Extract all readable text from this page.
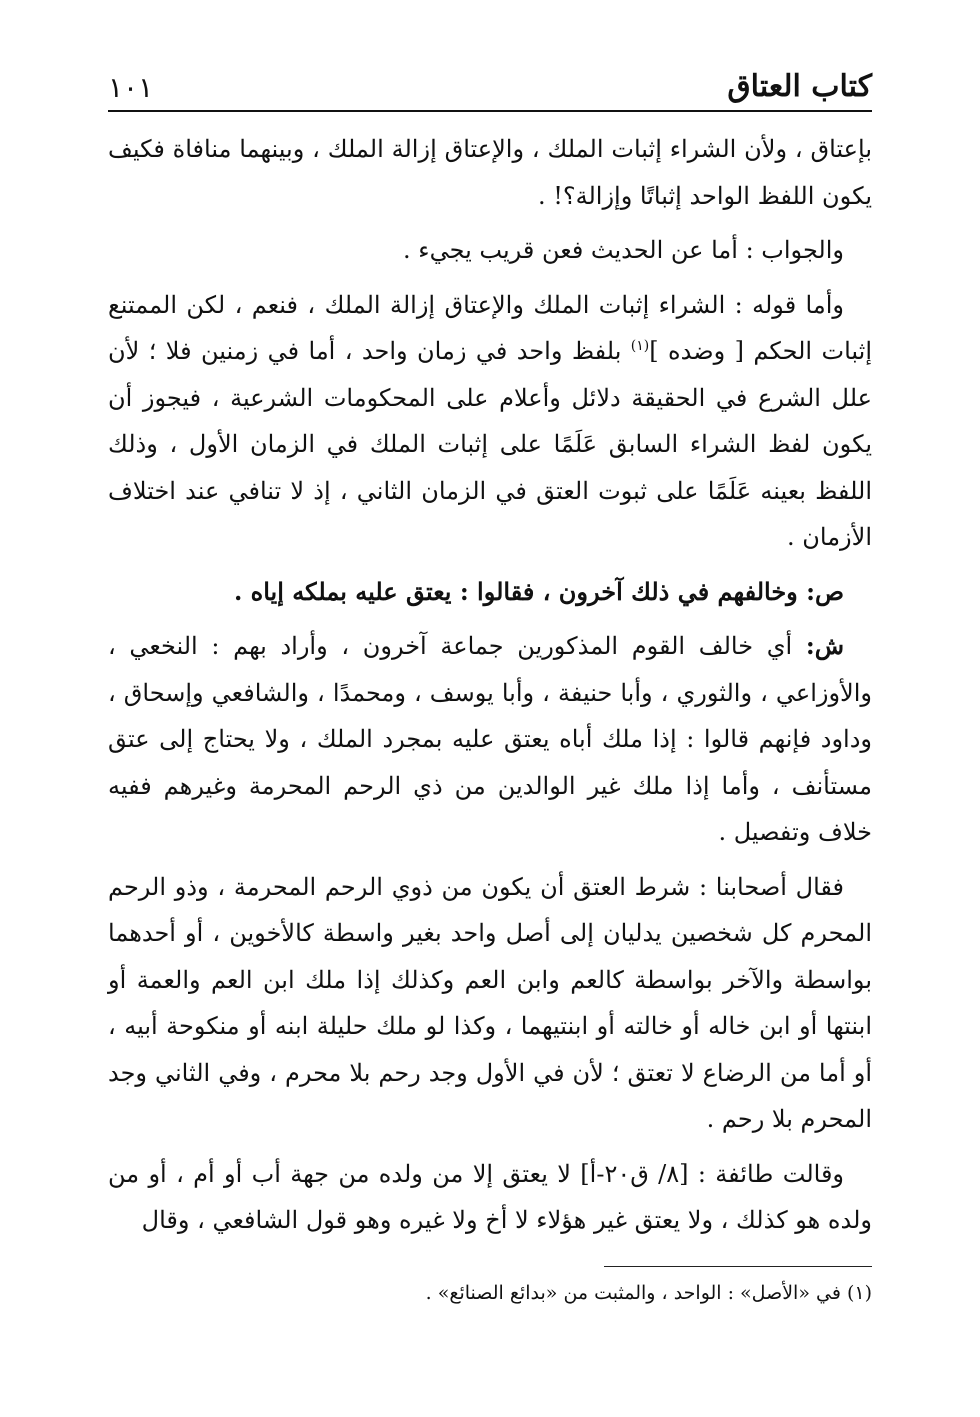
كتاب العتاق
١٠١

بإعتاق ، ولأن الشراء إثبات الملك ، والإعتاق إزالة الملك ، وبينهما منافاة فكيف يكون اللفظ الواحد إثباتًا وإزالة؟! .

والجواب : أما عن الحديث فعن قريب يجيء .

وأما قوله : الشراء إثبات الملك والإعتاق إزالة الملك ، فنعم ، لكن الممتنع إثبات الحكم [ وضده ]$^{(١)}$ بلفظ واحد في زمان واحد ، أما في زمنين فلا ؛ لأن علل الشرع في الحقيقة دلائل وأعلام على المحكومات الشرعية ، فيجوز أن يكون لفظ الشراء السابق عَلَمًا على إثبات الملك في الزمان الأول ، وذلك اللفظ بعينه عَلَمًا على ثبوت العتق في الزمان الثاني ، إذ لا تنافي عند اختلاف الأزمان .

ص: وخالفهم في ذلك آخرون ، فقالوا : يعتق عليه بملكه إياه .

ش: أي خالف القوم المذكورين جماعة آخرون ، وأراد بهم : النخعي ، والأوزاعي ، والثوري ، وأبا حنيفة ، وأبا يوسف ، ومحمدًا ، والشافعي وإسحاق ، وداود فإنهم قالوا : إذا ملك أباه يعتق عليه بمجرد الملك ، ولا يحتاج إلى عتق مستأنف ، وأما إذا ملك غير الوالدين من ذي الرحم المحرمة وغيرهم ففيه خلاف وتفصيل .

فقال أصحابنا : شرط العتق أن يكون من ذوي الرحم المحرمة ، وذو الرحم المحرم كل شخصين يدليان إلى أصل واحد بغير واسطة كالأخوين ، أو أحدهما بواسطة والآخر بواسطة كالعم وابن العم وكذلك إذا ملك ابن العم والعمة أو ابنتها أو ابن خاله أو خالته أو ابنتيهما ، وكذا لو ملك حليلة ابنه أو منكوحة أبيه ، أو أما من الرضاع لا تعتق ؛ لأن في الأول وجد رحم بلا محرم ، وفي الثاني وجد المحرم بلا رحم .

وقالت طائفة : [٨/ ق٢٠-أ] لا يعتق إلا من ولده من جهة أب أو أم ، أو من ولده هو كذلك ، ولا يعتق غير هؤلاء لا أخ ولا غيره وهو قول الشافعي ، وقال

(١) في «الأصل» : الواحد ، والمثبت من «بدائع الصنائع» .
